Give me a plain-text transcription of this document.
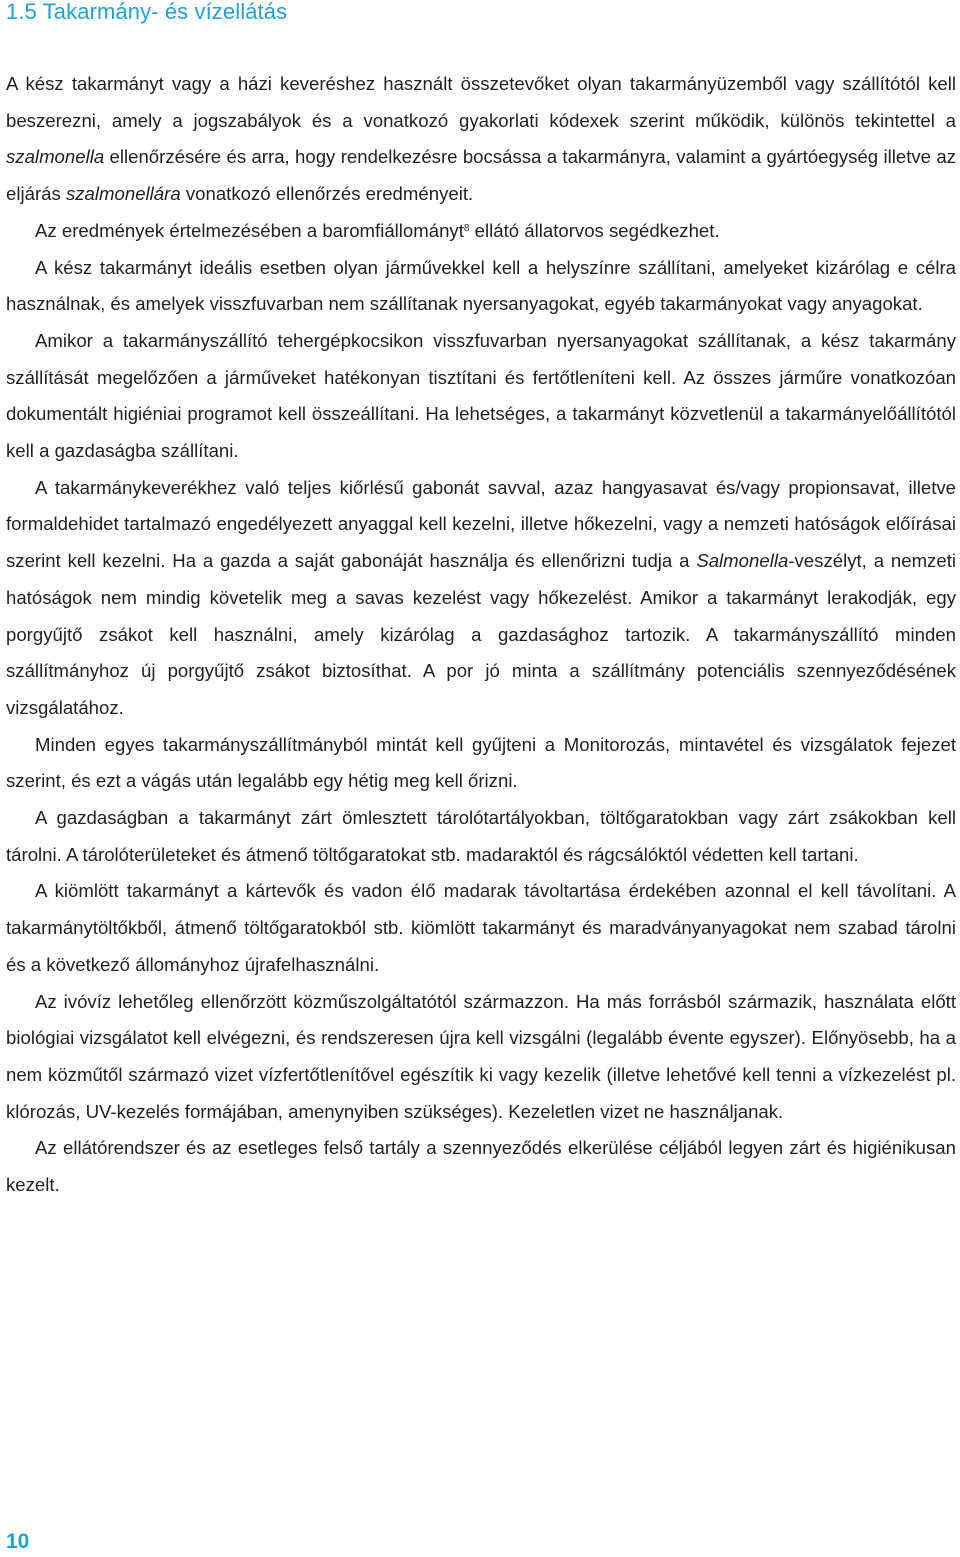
1.5 Takarmány- és vízellátás

A kész takarmányt vagy a házi keveréshez használt összetevőket olyan takarmányüzemből vagy szállítótól kell beszerezni, amely a jogszabályok és a vonatkozó gyakorlati kódexek szerint működik, különös tekintettel a szalmonella ellenőrzésére és arra, hogy rendelkezésre bocsássa a takarmányra, valamint a gyártóegység illetve az eljárás szalmonellára vonatkozó ellenőrzés eredményeit.

Az eredmények értelmezésében a baromfiállományt$^8$ ellátó állatorvos segédkezhet.

A kész takarmányt ideális esetben olyan járművekkel kell a helyszínre szállítani, amelyeket kizárólag e célra használnak, és amelyek visszfuvarban nem szállítanak nyersanyagokat, egyéb takarmányokat vagy anyagokat.

Amikor a takarmányszállító tehergépkocsikon visszfuvarban nyersanyagokat szállítanak, a kész takarmány szállítását megelőzően a járműveket hatékonyan tisztítani és fertőtleníteni kell. Az összes járműre vonatkozóan dokumentált higiéniai programot kell összeállítani. Ha lehetséges, a takarmányt közvetlenül a takarmányelőállítótól kell a gazdaságba szállítani.

A takarmánykeverékhez való teljes kiőrlésű gabonát savval, azaz hangyasavat és/vagy propionsavat, illetve formaldehidet tartalmazó engedélyezett anyaggal kell kezelni, illetve hőkezelni, vagy a nemzeti hatóságok előírásai szerint kell kezelni. Ha a gazda a saját gabonáját használja és ellenőrizni tudja a Salmonella-veszélyt, a nemzeti hatóságok nem mindig követelik meg a savas kezelést vagy hőkezelést. Amikor a takarmányt lerakodják, egy porgyűjtő zsákot kell használni, amely kizárólag a gazdasághoz tartozik. A takarmányszállító minden szállítmányhoz új porgyűjtő zsákot biztosíthat. A por jó minta a szállítmány potenciális szennyeződésének vizsgálatához.

Minden egyes takarmányszállítmányból mintát kell gyűjteni a Monitorozás, mintavétel és vizsgálatok fejezet szerint, és ezt a vágás után legalább egy hétig meg kell őrizni.

A gazdaságban a takarmányt zárt ömlesztett tárolótartályokban, töltőgaratokban vagy zárt zsákokban kell tárolni. A tárolóterületeket és átmenő töltőgaratokat stb. madaraktól és rágcsálóktól védetten kell tartani.

A kiömlött takarmányt a kártevők és vadon élő madarak távoltartása érdekében azonnal el kell távolítani. A takarmánytöltőkből, átmenő töltőgaratokból stb. kiömlött takarmányt és maradványanyagokat nem szabad tárolni és a következő állományhoz újrafelhasználni.

Az ivóvíz lehetőleg ellenőrzött közműszolgáltatótól származzon. Ha más forrásból származik, használata előtt biológiai vizsgálatot kell elvégezni, és rendszeresen újra kell vizsgálni (legalább évente egyszer). Előnyösebb, ha a nem közműtől származó vizet vízfertőtlenítővel egészítik ki vagy kezelik (illetve lehetővé kell tenni a vízkezelést pl. klórozás, UV-kezelés formájában, amenynyiben szükséges). Kezeletlen vizet ne használjanak.

Az ellátórendszer és az esetleges felső tartály a szennyeződés elkerülése céljából legyen zárt és higiénikusan kezelt.

10
